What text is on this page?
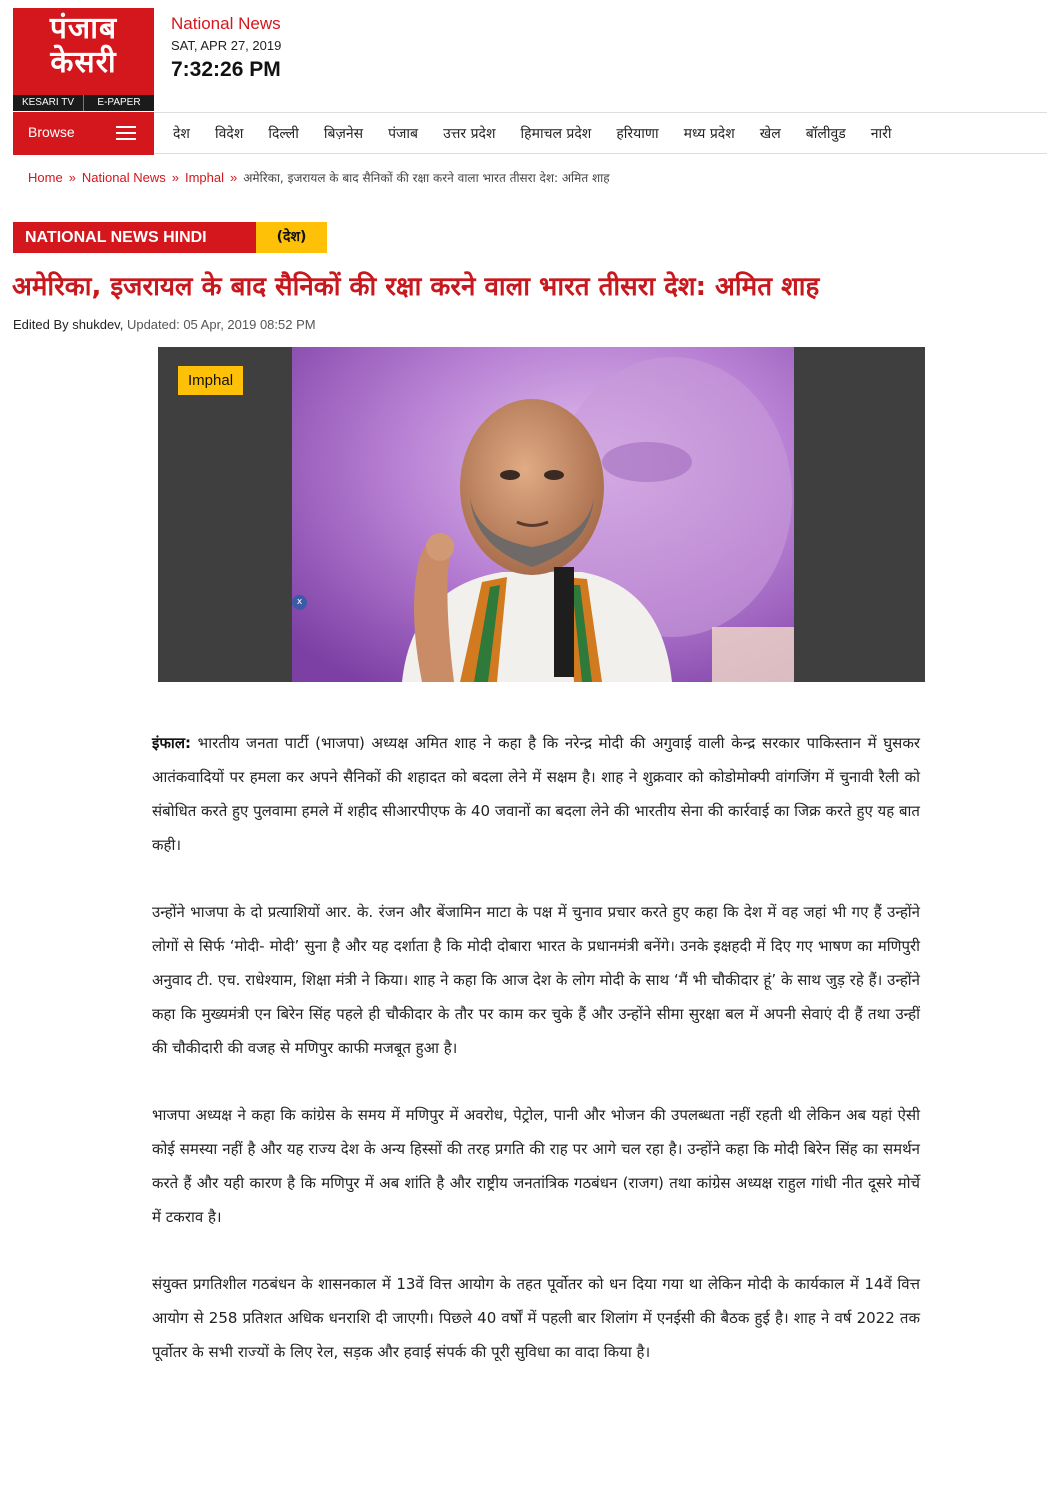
पंजाब केसरी
KESARI TV	E-PAPER
National News
SAT, APR 27, 2019
7:32:26 PM
Browse	देश विदेश दिल्ली बिज़नेस पंजाब उत्तर प्रदेश हिमाचल प्रदेश हरियाणा मध्य प्रदेश खेल बॉलीवुड नारी
Home » National News » Imphal » अमेरिका, इजरायल के बाद सैनिकों की रक्षा करने वाला भारत तीसरा देश: अमित शाह
NATIONAL NEWS HINDI	(देश)
अमेरिका, इजरायल के बाद सैनिकों की रक्षा करने वाला भारत तीसरा देश: अमित शाह
Edited By shukdev, Updated: 05 Apr, 2019 08:52 PM
Imphal
x

इंफाल: भारतीय जनता पार्टी (भाजपा) अध्यक्ष अमित शाह ने कहा है कि नरेन्द्र मोदी की अगुवाई वाली केन्द्र सरकार पाकिस्तान में घुसकर आतंकवादियों पर हमला कर अपने सैनिकों की शहादत को बदला लेने में सक्षम है। शाह ने शुक्रवार को कोडोमोक्पी वांगजिंग में चुनावी रैली को संबोधित करते हुए पुलवामा हमले में शहीद सीआरपीएफ के 40 जवानों का बदला लेने की भारतीय सेना की कार्रवाई का जिक्र करते हुए यह बात कही।

उन्होंने भाजपा के दो प्रत्याशियों आर. के. रंजन और बेंजामिन माटा के पक्ष में चुनाव प्रचार करते हुए कहा कि देश में वह जहां भी गए हैं उन्होंने लोगों से सिर्फ ‘मोदी- मोदी’ सुना है और यह दर्शाता है कि मोदी दोबारा भारत के प्रधानमंत्री बनेंगे। उनके इक्षहदी में दिए गए भाषण का मणिपुरी अनुवाद टी. एच. राधेश्याम, शिक्षा मंत्री ने किया। शाह ने कहा कि आज देश के लोग मोदी के साथ ‘मैं भी चौकीदार हूं’ के साथ जुड़ रहे हैं। उन्होंने कहा कि मुख्यमंत्री एन बिरेन सिंह पहले ही चौकीदार के तौर पर काम कर चुके हैं और उन्होंने सीमा सुरक्षा बल में अपनी सेवाएं दी हैं तथा उन्हीं की चौकीदारी की वजह से मणिपुर काफी मजबूत हुआ है।

भाजपा अध्यक्ष ने कहा कि कांग्रेस के समय में मणिपुर में अवरोध, पेट्रोल, पानी और भोजन की उपलब्धता नहीं रहती थी लेकिन अब यहां ऐसी कोई समस्या नहीं है और यह राज्य देश के अन्य हिस्सों की तरह प्रगति की राह पर आगे चल रहा है। उन्होंने कहा कि मोदी बिरेन सिंह का समर्थन करते हैं और यही कारण है कि मणिपुर में अब शांति है और राष्ट्रीय जनतांत्रिक गठबंधन (राजग) तथा कांग्रेस अध्यक्ष राहुल गांधी नीत दूसरे मोर्चे में टकराव है।

संयुक्त प्रगतिशील गठबंधन के शासनकाल में 13वें वित्त आयोग के तहत पूर्वोतर को धन दिया गया था लेकिन मोदी के कार्यकाल में 14वें वित्त आयोग से 258 प्रतिशत अधिक धनराशि दी जाएगी। पिछले 40 वर्षों में पहली बार शिलांग में एनईसी की बैठक हुई है। शाह ने वर्ष 2022 तक पूर्वोतर के सभी राज्यों के लिए रेल, सड़क और हवाई संपर्क की पूरी सुविधा का वादा किया है।
